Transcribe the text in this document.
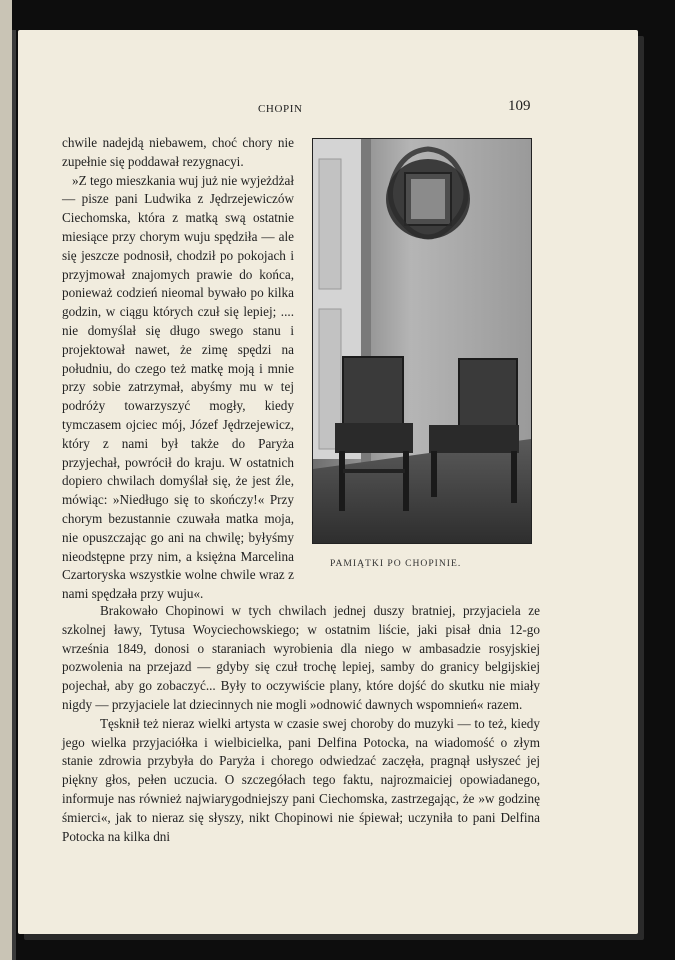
CHOPIN	109

chwile nadejdą niebawem, choć chory nie zupełnie się poddawał rezygnacyi.

»Z tego mieszkania wuj już nie wyjeżdżał — pisze pani Ludwika z Jędrzejewiczów Ciechomska, która z matką swą ostatnie miesiące przy chorym wuju spędziła — ale się jeszcze podnosił, chodził po pokojach i przyjmował znajomych prawie do końca, ponieważ codzień nieomal bywało po kilka godzin, w ciągu których czuł się lepiej; .... nie domyślał się długo swego stanu i projektował nawet, że zimę spędzi na południu, do czego też matkę moją i mnie przy sobie zatrzymał, abyśmy mu w tej podróży towarzyszyć mogły, kiedy tymczasem ojciec mój, Józef Jędrzejewicz, który z nami był także do Paryża przyjechał, powrócił do kraju. W ostatnich dopiero chwilach domyślał się, że jest źle, mówiąc: »Niedługo się to skończy!« Przy chorym bezustannie czuwała matka moja, nie opuszczając go ani na chwilę; byłyśmy nieodstępne przy nim, a księżna Marcelina Czartoryska wszystkie wolne chwile wraz z nami spędzała przy wuju«.

PAMIĄTKI PO CHOPINIE.

Brakowało Chopinowi w tych chwilach jednej duszy bratniej, przyjaciela ze szkolnej ławy, Tytusa Woyciechowskiego; w ostatnim liście, jaki pisał dnia 12-go września 1849, donosi o staraniach wyrobienia dla niego w ambasadzie rosyjskiej pozwolenia na przejazd — gdyby się czuł trochę lepiej, samby do granicy belgijskiej pojechał, aby go zobaczyć... Były to oczywiście plany, które dojść do skutku nie miały nigdy — przyjaciele lat dziecinnych nie mogli »odnowić dawnych wspomnień« razem.

Tęsknił też nieraz wielki artysta w czasie swej choroby do muzyki — to też, kiedy jego wielka przyjaciółka i wielbicielka, pani Delfina Potocka, na wiadomość o złym stanie zdrowia przybyła do Paryża i chorego odwiedzać zaczęła, pragnął usłyszeć jej piękny głos, pełen uczucia. O szczegółach tego faktu, najrozmaiciej opowiadanego, informuje nas również najwiarygodniejszy pani Ciechomska, zastrzegając, że »w godzinę śmierci«, jak to nieraz się słyszy, nikt Chopinowi nie śpiewał; uczyniła to pani Delfina Potocka na kilka dni
